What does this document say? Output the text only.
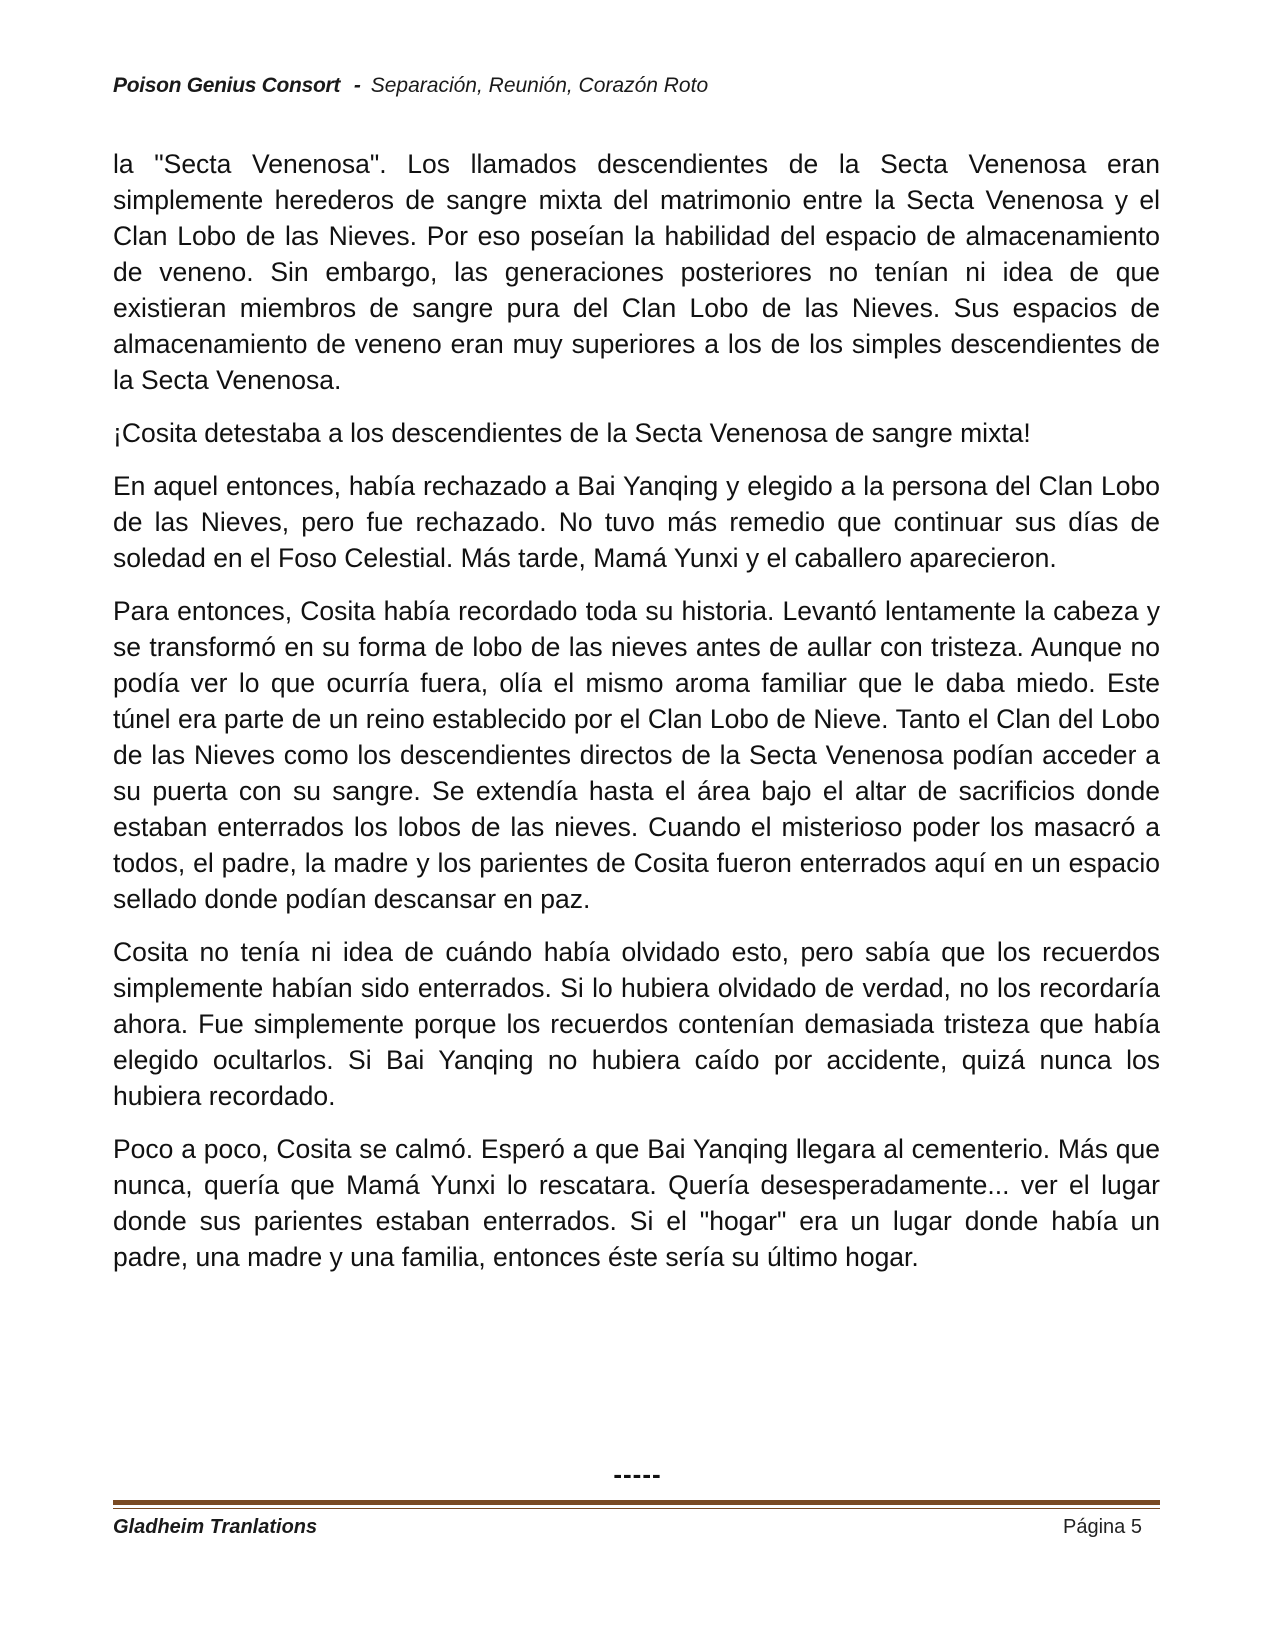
Poison Genius Consort - Separación, Reunión, Corazón Roto

la "Secta Venenosa". Los llamados descendientes de la Secta Venenosa eran simplemente herederos de sangre mixta del matrimonio entre la Secta Venenosa y el Clan Lobo de las Nieves. Por eso poseían la habilidad del espacio de almacenamiento de veneno. Sin embargo, las generaciones posteriores no tenían ni idea de que existieran miembros de sangre pura del Clan Lobo de las Nieves. Sus espacios de almacenamiento de veneno eran muy superiores a los de los simples descendientes de la Secta Venenosa.

¡Cosita detestaba a los descendientes de la Secta Venenosa de sangre mixta!

En aquel entonces, había rechazado a Bai Yanqing y elegido a la persona del Clan Lobo de las Nieves, pero fue rechazado. No tuvo más remedio que continuar sus días de soledad en el Foso Celestial. Más tarde, Mamá Yunxi y el caballero aparecieron.

Para entonces, Cosita había recordado toda su historia. Levantó lentamente la cabeza y se transformó en su forma de lobo de las nieves antes de aullar con tristeza. Aunque no podía ver lo que ocurría fuera, olía el mismo aroma familiar que le daba miedo. Este túnel era parte de un reino establecido por el Clan Lobo de Nieve. Tanto el Clan del Lobo de las Nieves como los descendientes directos de la Secta Venenosa podían acceder a su puerta con su sangre. Se extendía hasta el área bajo el altar de sacrificios donde estaban enterrados los lobos de las nieves. Cuando el misterioso poder los masacró a todos, el padre, la madre y los parientes de Cosita fueron enterrados aquí en un espacio sellado donde podían descansar en paz.

Cosita no tenía ni idea de cuándo había olvidado esto, pero sabía que los recuerdos simplemente habían sido enterrados. Si lo hubiera olvidado de verdad, no los recordaría ahora. Fue simplemente porque los recuerdos contenían demasiada tristeza que había elegido ocultarlos. Si Bai Yanqing no hubiera caído por accidente, quizá nunca los hubiera recordado.

Poco a poco, Cosita se calmó. Esperó a que Bai Yanqing llegara al cementerio. Más que nunca, quería que Mamá Yunxi lo rescatara. Quería desesperadamente... ver el lugar donde sus parientes estaban enterrados. Si el "hogar" era un lugar donde había un padre, una madre y una familia, entonces éste sería su último hogar.

-----
Gladheim Tranlations	Página 5
